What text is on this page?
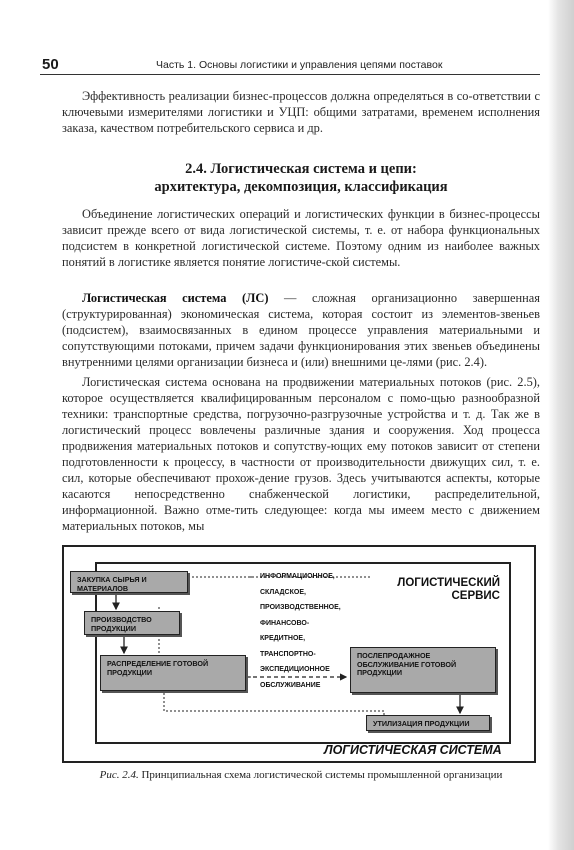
50	Часть 1. Основы логистики и управления цепями поставок

Эффективность реализации бизнес-процессов должна определяться в со-ответствии с ключевыми измерителями логистики и УЦП: общими затратами, временем исполнения заказа, качеством потребительского сервиса и др.

2.4. Логистическая система и цепи:
архитектура, декомпозиция, классификация

Объединение логистических операций и логистических функции в бизнес-процессы зависит прежде всего от вида логистической системы, т. е. от набора функциональных подсистем в конкретной логистической системе. Поэтому одним из наиболее важных понятий в логистике является понятие логистиче-ской системы.

Логистическая система (ЛС) — сложная организационно завершенная (структурированная) экономическая система, которая состоит из элементов-звеньев (подсистем), взаимосвязанных в едином процессе управления материальными и сопутствующими потоками, причем задачи функционирования этих звеньев объединены внутренними целями организации бизнеса и (или) внешними це-лями (рис. 2.4).

Логистическая система основана на продвижении материальных потоков (рис. 2.5), которое осуществляется квалифицированным персоналом с помо-щью разнообразной техники: транспортные средства, погрузочно-разгрузочные устройства и т. д. Так же в логистический процесс вовлечены различные здания и сооружения. Ход процесса продвижения материальных потоков и сопутству-ющих ему потоков зависит от степени подготовленности к процессу, в частности от производительности движущих сил, т. е. сил, которые обеспечивают прохож-дение грузов. Здесь учитываются аспекты, которые касаются непосредственно снабженческой логистики, распределительной, информационной. Важно отме-тить следующее: когда мы имеем место с движением материальных потоков, мы

ЗАКУПКА СЫРЬЯ И МАТЕРИАЛОВ
ПРОИЗВОДСТВО ПРОДУКЦИИ
РАСПРЕДЕЛЕНИЕ ГОТОВОЙ ПРОДУКЦИИ
ПОСЛЕПРОДАЖНОЕ ОБСЛУЖИВАНИЕ ГОТОВОЙ ПРОДУКЦИИ
УТИЛИЗАЦИЯ ПРОДУКЦИИ
ИНФОРМАЦИОННОЕ,
СКЛАДСКОЕ,
ПРОИЗВОДСТВЕННОЕ,
ФИНАНСОВО-
КРЕДИТНОЕ,
ТРАНСПОРТНО-
ЭКСПЕДИЦИОННОЕ
ОБСЛУЖИВАНИЕ
ЛОГИСТИЧЕСКИЙ
СЕРВИС
ЛОГИСТИЧЕСКАЯ СИСТЕМА
Рис. 2.4. Принципиальная схема логистической системы промышленной организации
